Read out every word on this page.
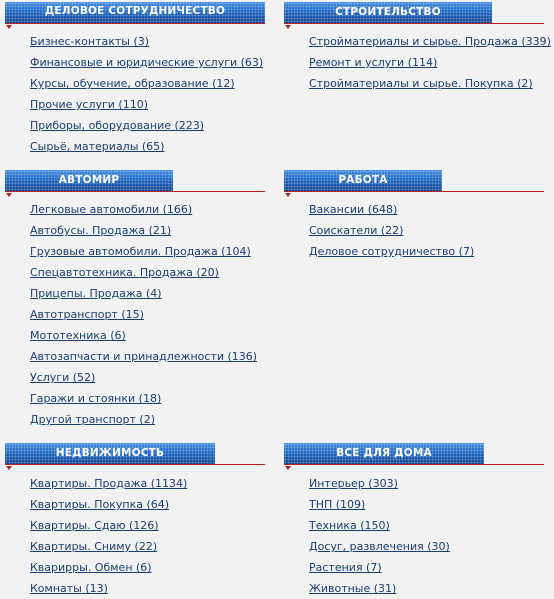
ДЕЛОВОЕ СОТРУДНИЧЕСТВО
Бизнес-контакты (3)
Финансовые и юридические услуги (63)
Курсы, обучение, образование (12)
Прочие услуги (110)
Приборы, оборудование (223)
Сырьё, материалы (65)
СТРОИТЕЛЬСТВО
Стройматериалы и сырье. Продажа (339)
Ремонт и услуги (114)
Стройматериалы и сырье. Покупка (2)
АВТОМИР
Легковые автомобили (166)
Автобусы. Продажа (21)
Грузовые автомобили. Продажа (104)
Спецавтотехника. Продажа (20)
Прицепы. Продажа (4)
Автотранспорт (15)
Мототехника (6)
Автозапчасти и принадлежности (136)
Услуги (52)
Гаражи и стоянки (18)
Другой транспорт (2)
РАБОТА
Вакансии (648)
Соискатели (22)
Деловое сотрудничество (7)
НЕДВИЖИМОСТЬ
Квартиры. Продажа (1134)
Квартиры. Покупка (64)
Квартиры. Сдаю (126)
Квартиры. Сниму (22)
Кварирры. Обмен (6)
Комнаты (13)
ВСЕ ДЛЯ ДОМА
Интерьер (303)
ТНП (109)
Техника (150)
Досуг, развлечения (30)
Растения (7)
Животные (31)
